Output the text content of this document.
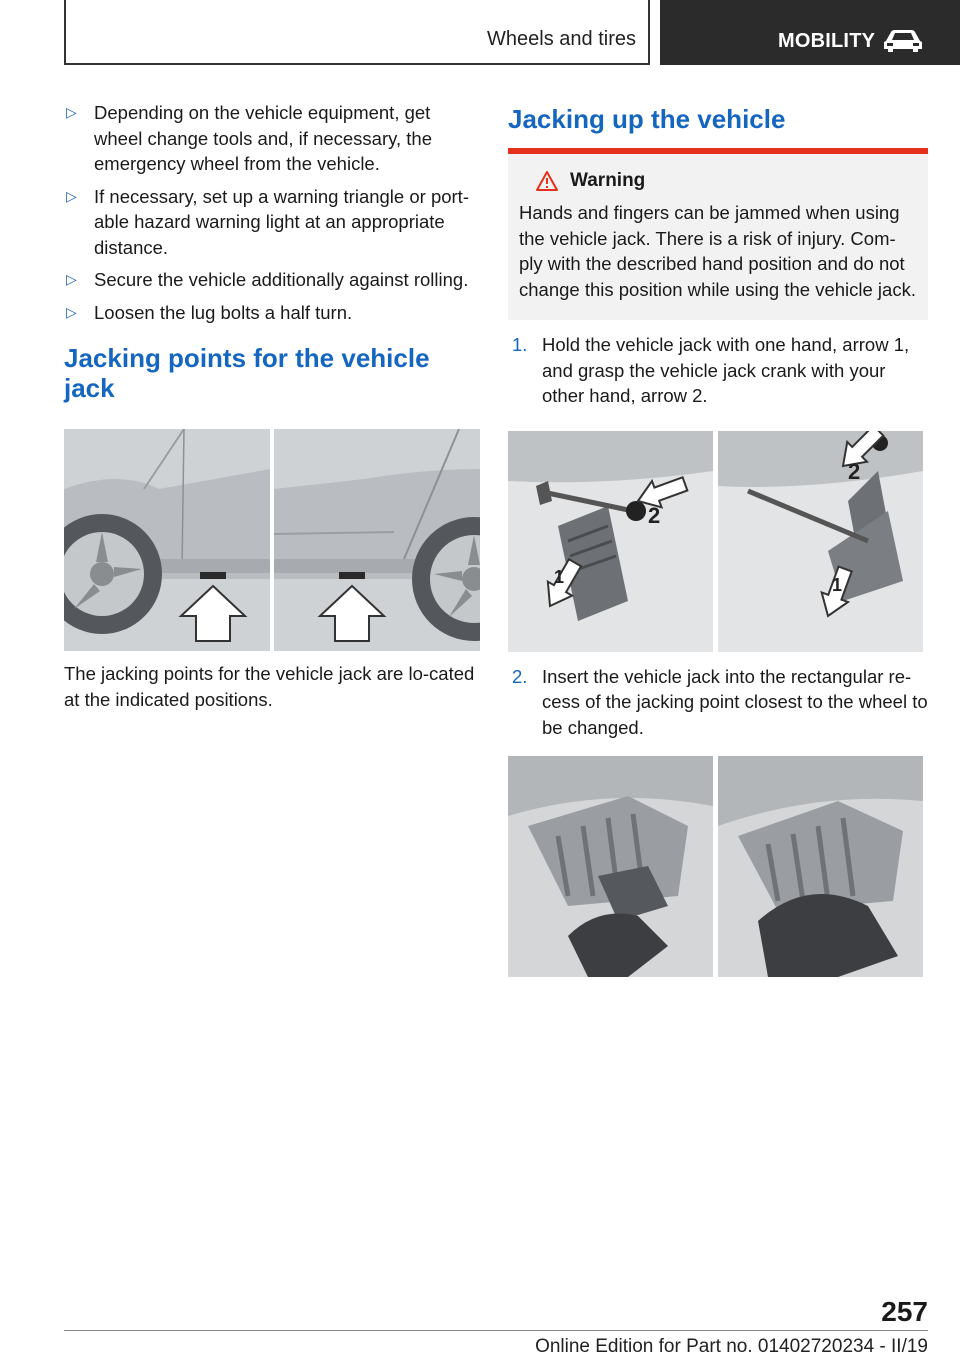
Wheels and tires	MOBILITY
▷ Depending on the vehicle equipment, get wheel change tools and, if necessary, the emergency wheel from the vehicle.
▷ If necessary, set up a warning triangle or port‐able hazard warning light at an appropriate distance.
▷ Secure the vehicle additionally against rolling.
▷ Loosen the lug bolts a half turn.
Jacking points for the vehicle jack
The jacking points for the vehicle jack are lo‐cated at the indicated positions.
Jacking up the vehicle
Warning
Hands and fingers can be jammed when using the vehicle jack. There is a risk of injury. Com‐ply with the described hand position and do not change this position while using the vehicle jack.
1. Hold the vehicle jack with one hand, arrow 1, and grasp the vehicle jack crank with your other hand, arrow 2.
2
1
2
1
2. Insert the vehicle jack into the rectangular re‐cess of the jacking point closest to the wheel to be changed.
257
Online Edition for Part no. 01402720234 - II/19
